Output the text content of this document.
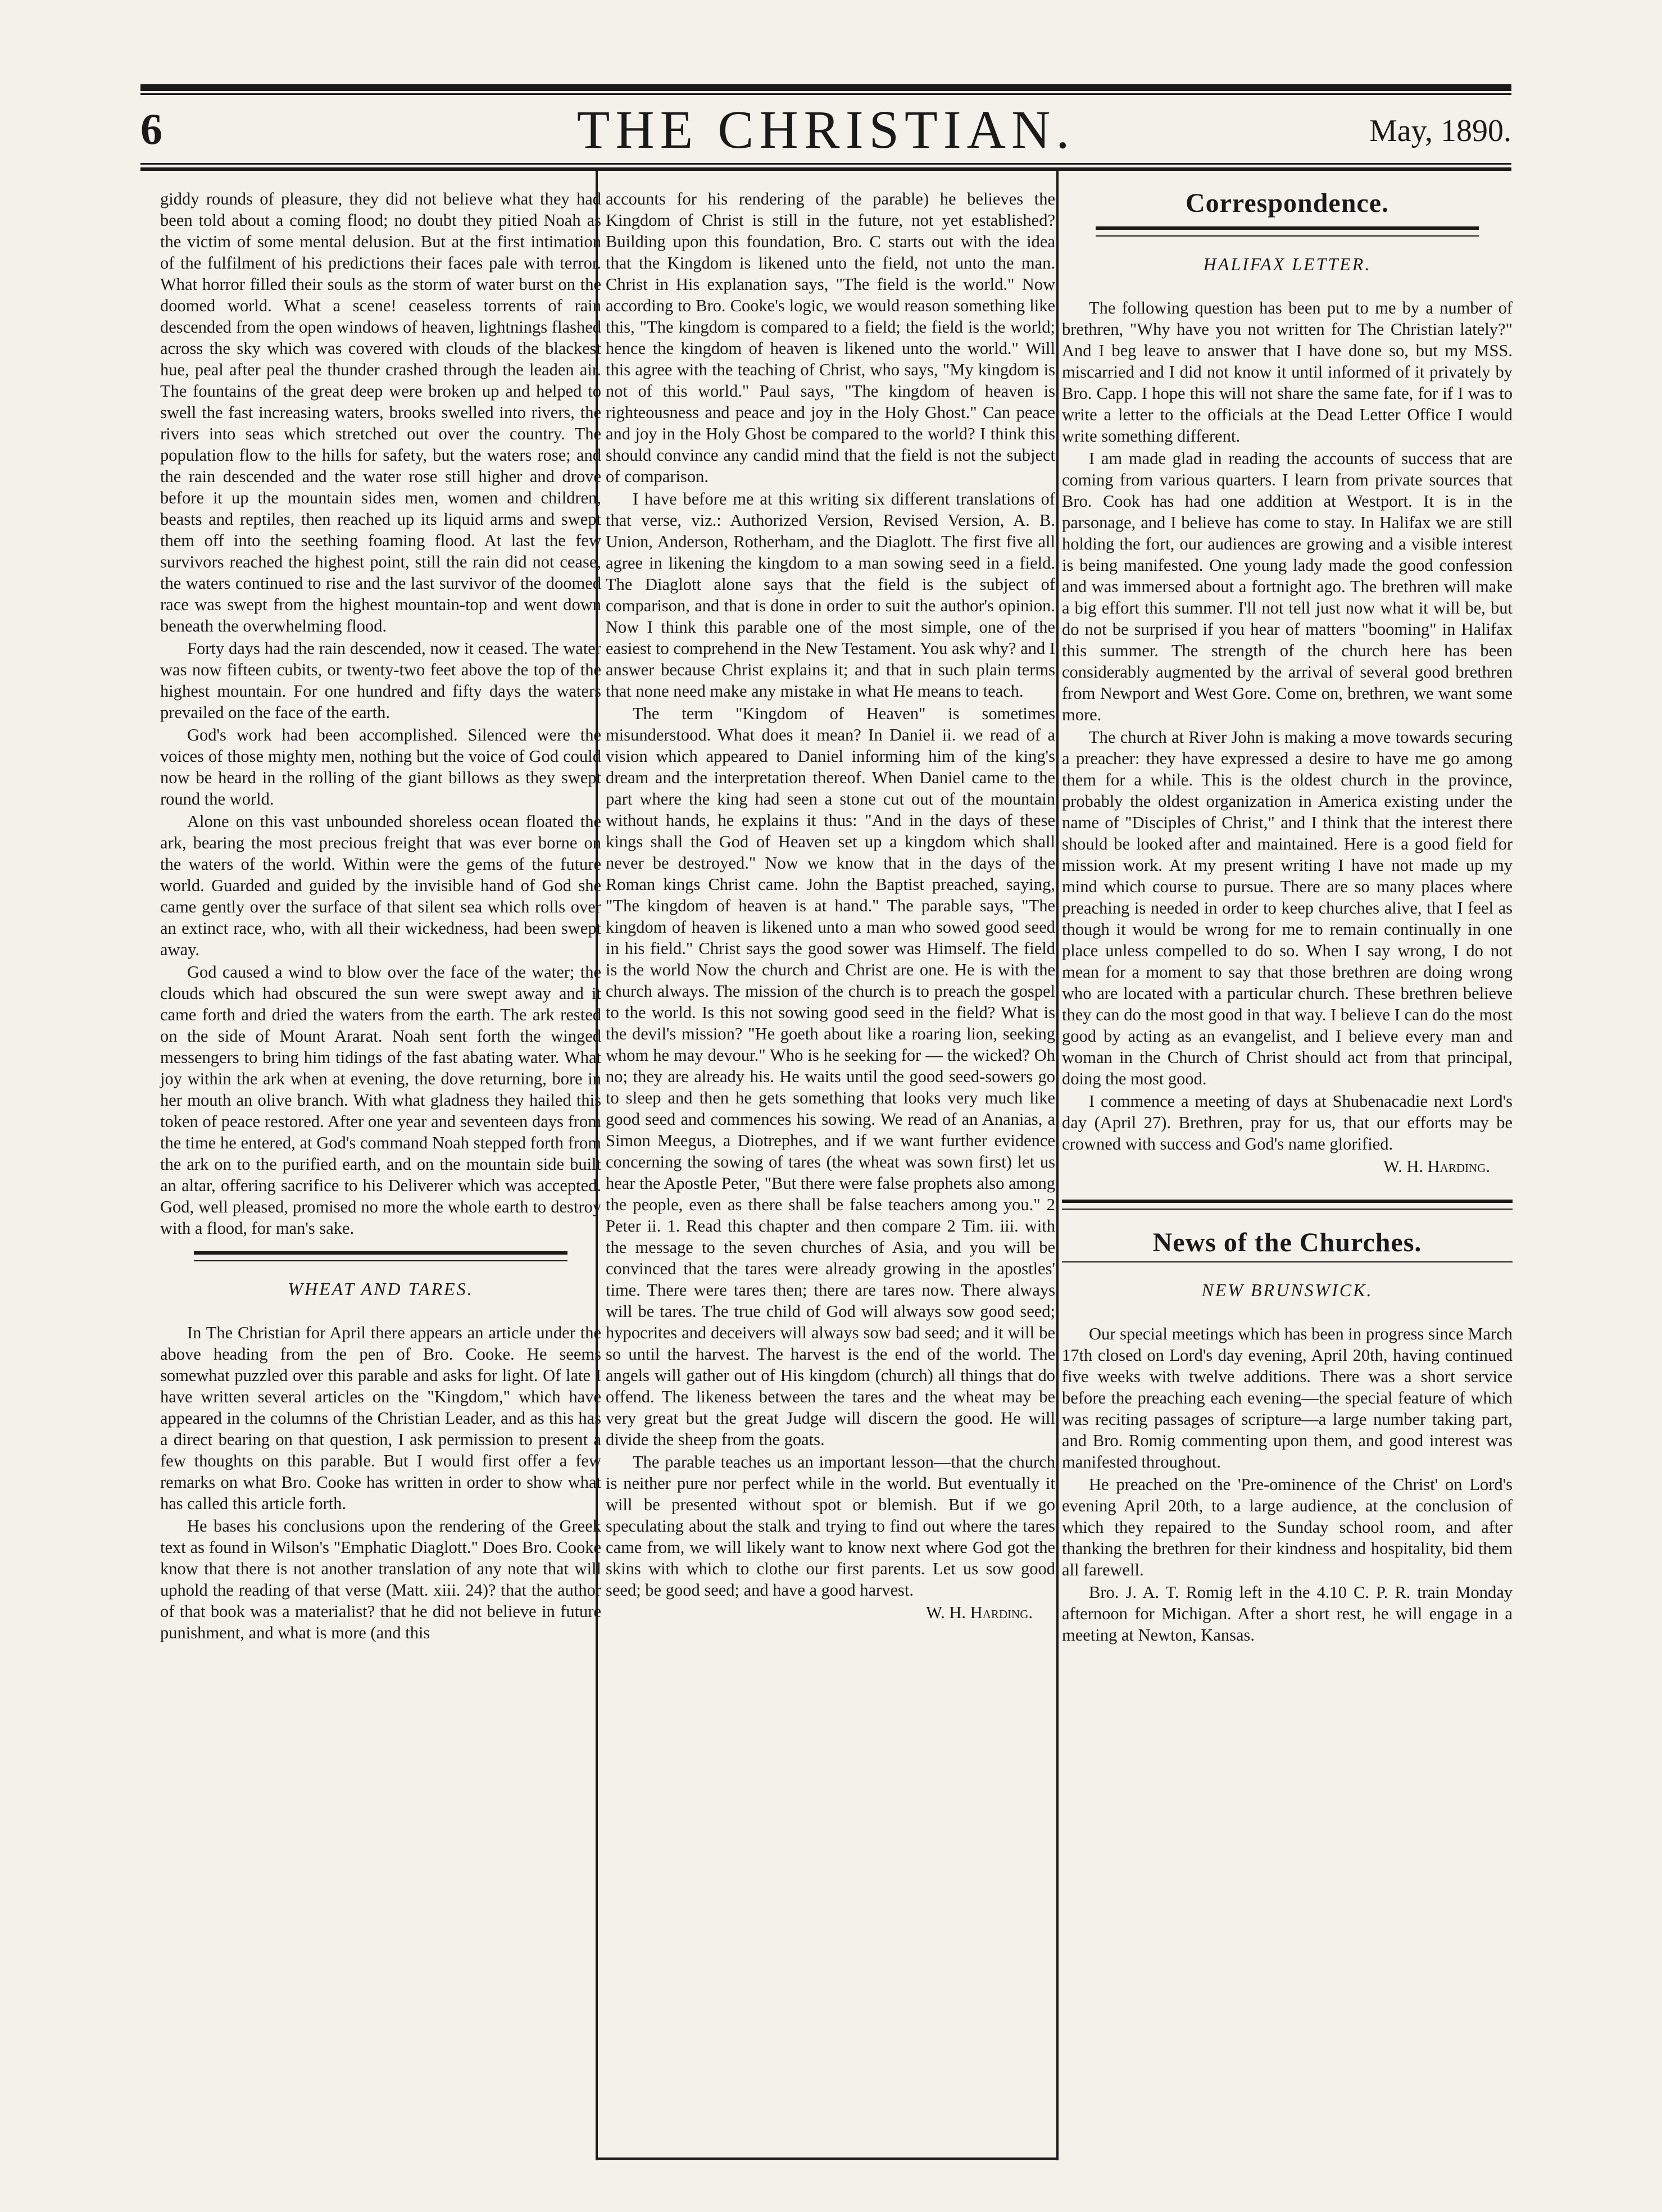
6	THE CHRISTIAN.	May, 1890.

giddy rounds of pleasure, they did not believe what they had been told about a coming flood; no doubt they pitied Noah as the victim of some mental delusion. But at the first intimation of the fulfilment of his predictions their faces pale with terror. What horror filled their souls as the storm of water burst on the doomed world. What a scene! ceaseless torrents of rain descended from the open windows of heaven, lightnings flashed across the sky which was covered with clouds of the blackest hue, peal after peal the thunder crashed through the leaden air. The fountains of the great deep were broken up and helped to swell the fast increasing waters, brooks swelled into rivers, the rivers into seas which stretched out over the country. The population flow to the hills for safety, but the waters rose; and the rain descended and the water rose still higher and drove before it up the mountain sides men, women and children, beasts and reptiles, then reached up its liquid arms and swept them off into the seething foaming flood. At last the few survivors reached the highest point, still the rain did not cease, the waters continued to rise and the last survivor of the doomed race was swept from the highest mountain-top and went down beneath the overwhelming flood.

Forty days had the rain descended, now it ceased. The water was now fifteen cubits, or twenty-two feet above the top of the highest mountain. For one hundred and fifty days the waters prevailed on the face of the earth.

God's work had been accomplished. Silenced were the voices of those mighty men, nothing but the voice of God could now be heard in the rolling of the giant billows as they swept round the world.

Alone on this vast unbounded shoreless ocean floated the ark, bearing the most precious freight that was ever borne on the waters of the world. Within were the gems of the future world. Guarded and guided by the invisible hand of God she came gently over the surface of that silent sea which rolls over an extinct race, who, with all their wickedness, had been swept away.

God caused a wind to blow over the face of the water; the clouds which had obscured the sun were swept away and it came forth and dried the waters from the earth. The ark rested on the side of Mount Ararat. Noah sent forth the winged messengers to bring him tidings of the fast abating water. What joy within the ark when at evening, the dove returning, bore in her mouth an olive branch. With what gladness they hailed this token of peace restored. After one year and seventeen days from the time he entered, at God's command Noah stepped forth from the ark on to the purified earth, and on the mountain side built an altar, offering sacrifice to his Deliverer which was accepted. God, well pleased, promised no more the whole earth to destroy with a flood, for man's sake.

WHEAT AND TARES.

In The Christian for April there appears an article under the above heading from the pen of Bro. Cooke. He seems somewhat puzzled over this parable and asks for light. Of late I have written several articles on the "Kingdom," which have appeared in the columns of the Christian Leader, and as this has a direct bearing on that question, I ask permission to present a few thoughts on this parable. But I would first offer a few remarks on what Bro. Cooke has written in order to show what has called this article forth.

He bases his conclusions upon the rendering of the Greek text as found in Wilson's "Emphatic Diaglott." Does Bro. Cooke know that there is not another translation of any note that will uphold the reading of that verse (Matt. xiii. 24)? that the author of that book was a materialist? that he did not believe in future punishment, and what is more (and this

accounts for his rendering of the parable) he believes the Kingdom of Christ is still in the future, not yet established? Building upon this foundation, Bro. C starts out with the idea that the Kingdom is likened unto the field, not unto the man. Christ in His explanation says, "The field is the world." Now according to Bro. Cooke's logic, we would reason something like this, "The kingdom is compared to a field; the field is the world; hence the kingdom of heaven is likened unto the world." Will this agree with the teaching of Christ, who says, "My kingdom is not of this world." Paul says, "The kingdom of heaven is righteousness and peace and joy in the Holy Ghost." Can peace and joy in the Holy Ghost be compared to the world? I think this should convince any candid mind that the field is not the subject of comparison.

I have before me at this writing six different translations of that verse, viz.: Authorized Version, Revised Version, A. B. Union, Anderson, Rotherham, and the Diaglott. The first five all agree in likening the kingdom to a man sowing seed in a field. The Diaglott alone says that the field is the subject of comparison, and that is done in order to suit the author's opinion. Now I think this parable one of the most simple, one of the easiest to comprehend in the New Testament. You ask why? and I answer because Christ explains it; and that in such plain terms that none need make any mistake in what He means to teach.

The term "Kingdom of Heaven" is sometimes misunderstood. What does it mean? In Daniel ii. we read of a vision which appeared to Daniel informing him of the king's dream and the interpretation thereof. When Daniel came to the part where the king had seen a stone cut out of the mountain without hands, he explains it thus: "And in the days of these kings shall the God of Heaven set up a kingdom which shall never be destroyed." Now we know that in the days of the Roman kings Christ came. John the Baptist preached, saying, "The kingdom of heaven is at hand." The parable says, "The kingdom of heaven is likened unto a man who sowed good seed in his field." Christ says the good sower was Himself. The field is the world Now the church and Christ are one. He is with the church always. The mission of the church is to preach the gospel to the world. Is this not sowing good seed in the field? What is the devil's mission? "He goeth about like a roaring lion, seeking whom he may devour." Who is he seeking for — the wicked? Oh no; they are already his. He waits until the good seed-sowers go to sleep and then he gets something that looks very much like good seed and commences his sowing. We read of an Ananias, a Simon Meegus, a Diotrephes, and if we want further evidence concerning the sowing of tares (the wheat was sown first) let us hear the Apostle Peter, "But there were false prophets also among the people, even as there shall be false teachers among you." 2 Peter ii. 1. Read this chapter and then compare 2 Tim. iii. with the message to the seven churches of Asia, and you will be convinced that the tares were already growing in the apostles' time. There were tares then; there are tares now. There always will be tares. The true child of God will always sow good seed; hypocrites and deceivers will always sow bad seed; and it will be so until the harvest. The harvest is the end of the world. The angels will gather out of His kingdom (church) all things that do offend. The likeness between the tares and the wheat may be very great but the great Judge will discern the good. He will divide the sheep from the goats.

The parable teaches us an important lesson—that the church is neither pure nor perfect while in the world. But eventually it will be presented without spot or blemish. But if we go speculating about the stalk and trying to find out where the tares came from, we will likely want to know next where God got the skins with which to clothe our first parents. Let us sow good seed; be good seed; and have a good harvest.

W. H. Harding.
Correspondence.
HALIFAX LETTER.

The following question has been put to me by a number of brethren, "Why have you not written for The Christian lately?" And I beg leave to answer that I have done so, but my MSS. miscarried and I did not know it until informed of it privately by Bro. Capp. I hope this will not share the same fate, for if I was to write a letter to the officials at the Dead Letter Office I would write something different.

I am made glad in reading the accounts of success that are coming from various quarters. I learn from private sources that Bro. Cook has had one addition at Westport. It is in the parsonage, and I believe has come to stay. In Halifax we are still holding the fort, our audiences are growing and a visible interest is being manifested. One young lady made the good confession and was immersed about a fortnight ago. The brethren will make a big effort this summer. I'll not tell just now what it will be, but do not be surprised if you hear of matters "booming" in Halifax this summer. The strength of the church here has been considerably augmented by the arrival of several good brethren from Newport and West Gore. Come on, brethren, we want some more.

The church at River John is making a move towards securing a preacher: they have expressed a desire to have me go among them for a while. This is the oldest church in the province, probably the oldest organization in America existing under the name of "Disciples of Christ," and I think that the interest there should be looked after and maintained. Here is a good field for mission work. At my present writing I have not made up my mind which course to pursue. There are so many places where preaching is needed in order to keep churches alive, that I feel as though it would be wrong for me to remain continually in one place unless compelled to do so. When I say wrong, I do not mean for a moment to say that those brethren are doing wrong who are located with a particular church. These brethren believe they can do the most good in that way. I believe I can do the most good by acting as an evangelist, and I believe every man and woman in the Church of Christ should act from that principal, doing the most good.

I commence a meeting of days at Shubenacadie next Lord's day (April 27). Brethren, pray for us, that our efforts may be crowned with success and God's name glorified.

W. H. Harding.
News of the Churches.
NEW BRUNSWICK.

Our special meetings which has been in progress since March 17th closed on Lord's day evening, April 20th, having continued five weeks with twelve additions. There was a short service before the preaching each evening—the special feature of which was reciting passages of scripture—a large number taking part, and Bro. Romig commenting upon them, and good interest was manifested throughout.

He preached on the 'Pre-ominence of the Christ' on Lord's evening April 20th, to a large audience, at the conclusion of which they repaired to the Sunday school room, and after thanking the brethren for their kindness and hospitality, bid them all farewell.

Bro. J. A. T. Romig left in the 4.10 C. P. R. train Monday afternoon for Michigan. After a short rest, he will engage in a meeting at Newton, Kansas.
